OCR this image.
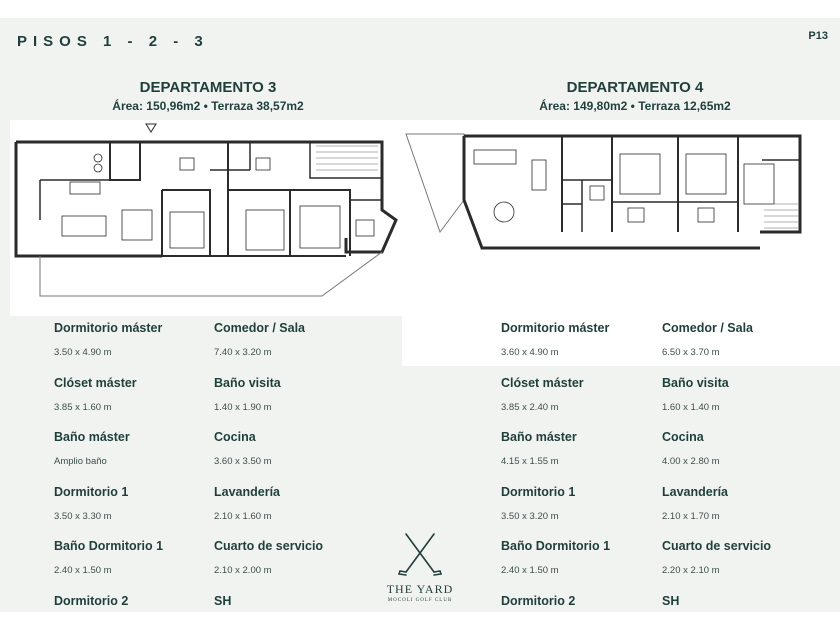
PISOS 1 - 2 - 3	P13
DEPARTAMENTO 3
Área: 150,96m2 • Terraza 38,57m2
DEPARTAMENTO 4
Área: 149,80m2 • Terraza 12,65m2
Dormitorio máster
3.50 x 4.90 m
Clóset máster
3.85 x 1.60 m
Baño máster
Amplio baño
Dormitorio 1
3.50 x 3.30 m
Baño Dormitorio 1
2.40 x 1.50 m
Dormitorio 2
Comedor / Sala
7.40 x 3.20 m
Baño visita
1.40 x 1.90 m
Cocina
3.60 x 3.50 m
Lavandería
2.10 x 1.60 m
Cuarto de servicio
2.10 x 2.00 m
SH
Dormitorio máster
3.60 x 4.90 m
Clóset máster
3.85 x 2.40 m
Baño máster
4.15 x 1.55 m
Dormitorio 1
3.50 x 3.20 m
Baño Dormitorio 1
2.40 x 1.50 m
Dormitorio 2
Comedor / Sala
6.50 x 3.70 m
Baño visita
1.60 x 1.40 m
Cocina
4.00 x 2.80 m
Lavandería
2.10 x 1.70 m
Cuarto de servicio
2.20 x 2.10 m
SH
THE YARD
MOCOLI GOLF CLUB
